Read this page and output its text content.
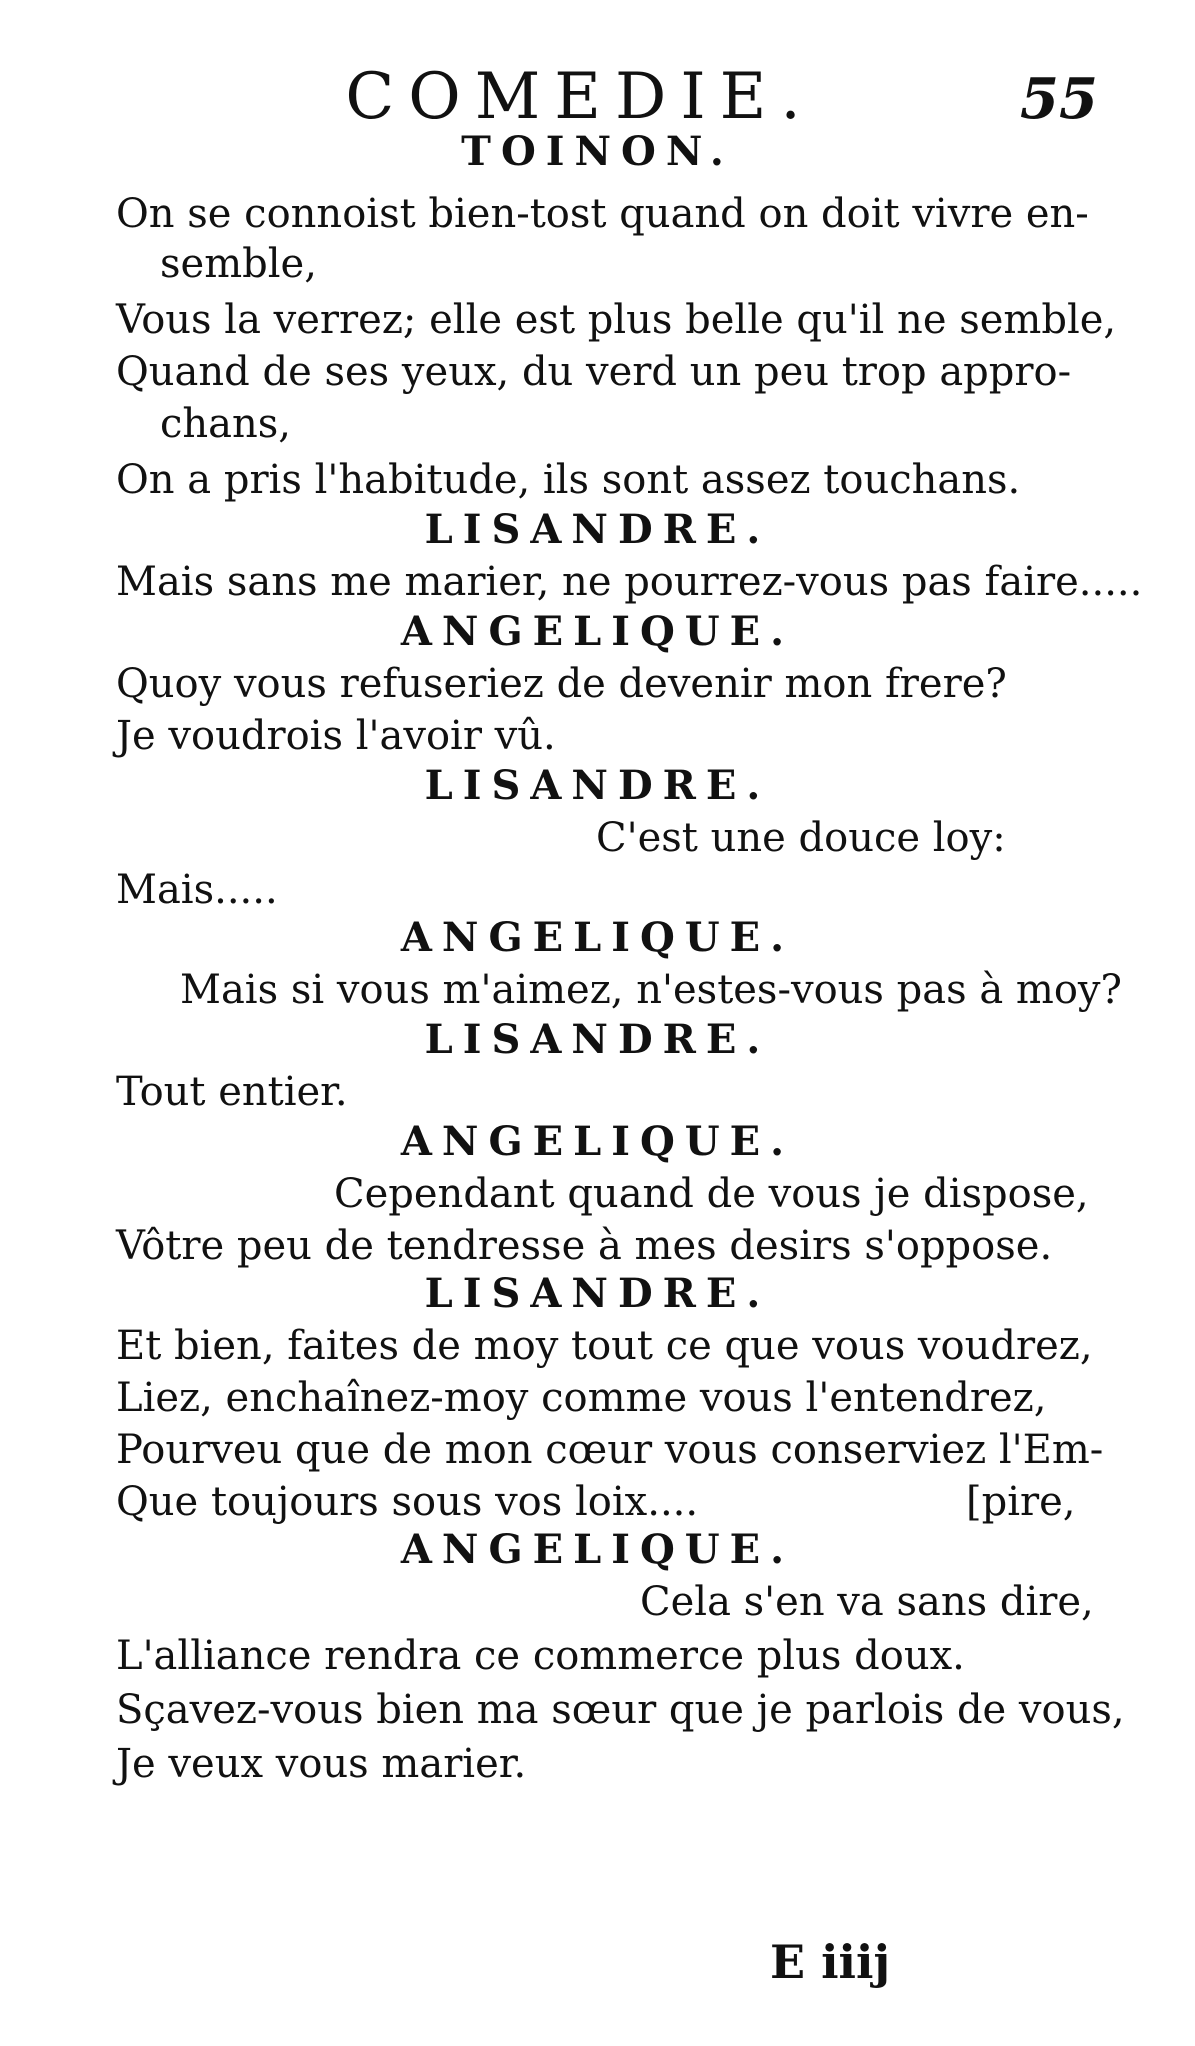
COMEDIE.	55
TOINON.
On se connoist bien-tost quand on doit vivre en-
semble,
Vous la verrez; elle est plus belle qu'il ne semble,
Quand de ses yeux, du verd un peu trop appro-
chans,
On a pris l'habitude, ils sont assez touchans.
LISANDRE.
Mais sans me marier, ne pourrez-vous pas faire.....
ANGELIQUE.
Quoy vous refuseriez de devenir mon frere?
Je voudrois l'avoir vû.
LISANDRE.
C'est une douce loy:
Mais.....
ANGELIQUE.
Mais si vous m'aimez, n'estes-vous pas à moy?
LISANDRE.
Tout entier.
ANGELIQUE.
Cependant quand de vous je dispose,
Vôtre peu de tendresse à mes desirs s'oppose.
LISANDRE.
Et bien, faites de moy tout ce que vous voudrez,
Liez, enchaînez-moy comme vous l'entendrez,
Pourveu que de mon cœur vous conserviez l'Em-
Que toujours sous vos loix....	[pire,
ANGELIQUE.
Cela s'en va sans dire,
L'alliance rendra ce commerce plus doux.
Sçavez-vous bien ma sœur que je parlois de vous,
Je veux vous marier.
E iiij
